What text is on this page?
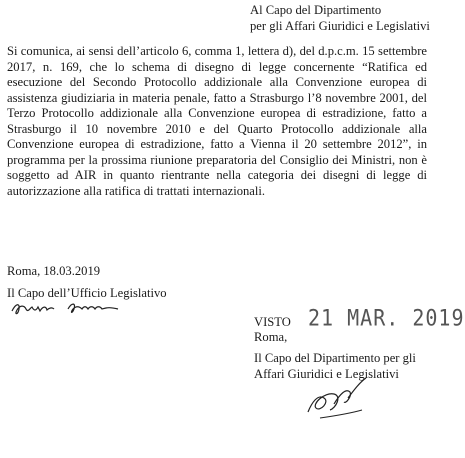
Al Capo del Dipartimento
per gli Affari Giuridici e Legislativi
Si comunica, ai sensi dell’articolo 6, comma 1, lettera d), del d.p.c.m. 15 settembre 2017, n. 169, che lo schema di disegno di legge concernente “Ratifica ed esecuzione del Secondo Protocollo addizionale alla Convenzione europea di assistenza giudiziaria in materia penale, fatto a Strasburgo l’8 novembre 2001, del Terzo Protocollo addizionale alla Convenzione europea di estradizione, fatto a Strasburgo il 10 novembre 2010 e del Quarto Protocollo addizionale alla Convenzione europea di estradizione, fatto a Vienna il 20 settembre 2012”, in programma per la prossima riunione preparatoria del Consiglio dei Ministri, non è soggetto ad AIR in quanto rientrante nella categoria dei disegni di legge di autorizzazione alla ratifica di trattati internazionali.
Roma, 18.03.2019
Il Capo dell’Ufficio Legislativo
VISTO 21 MAR. 2019
Roma,
Il Capo del Dipartimento per gli
Affari Giuridici e Legislativi
